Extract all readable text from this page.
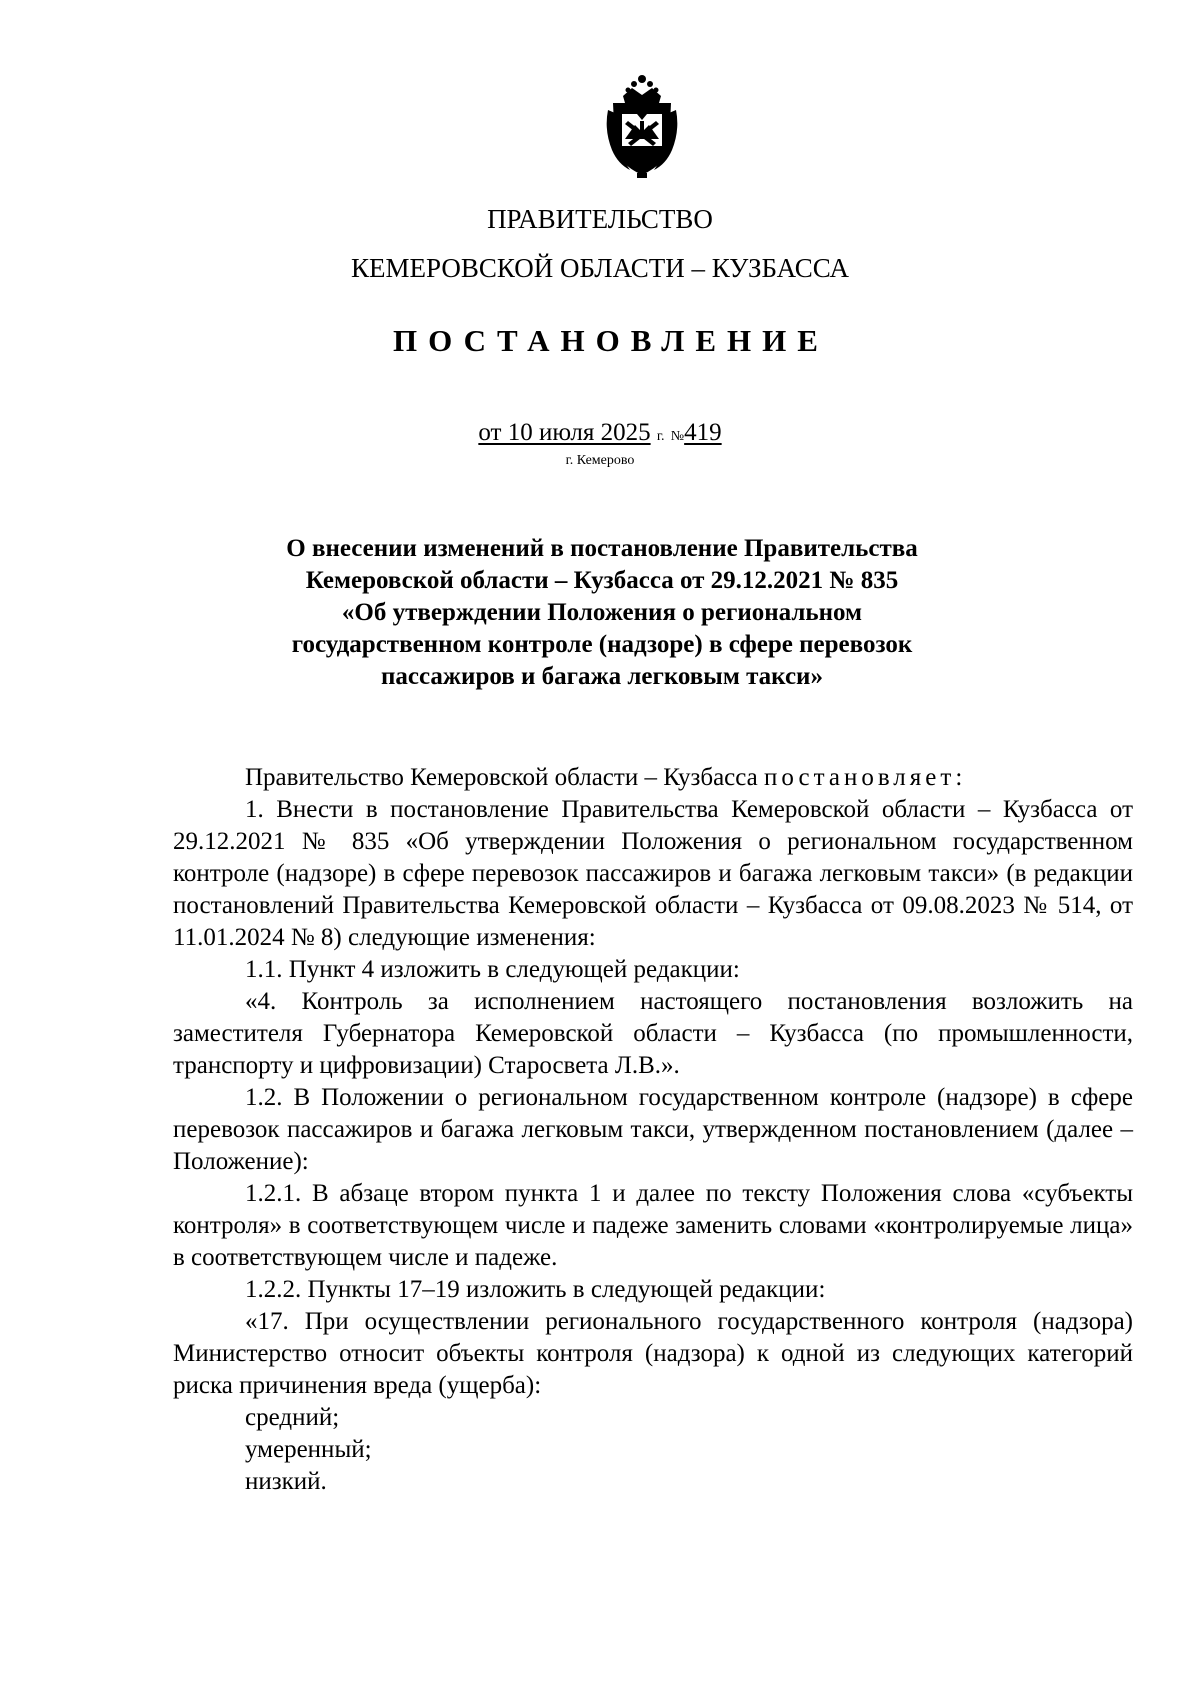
ПРАВИТЕЛЬСТВО
КЕМЕРОВСКОЙ ОБЛАСТИ – КУЗБАССА
ПОСТАНОВЛЕНИЕ
от 10 июля 2025 г. №419
г. Кемерово
О внесении изменений в постановление Правительства
Кемеровской области – Кузбасса от 29.12.2021 № 835
«Об утверждении Положения о региональном
государственном контроле (надзоре) в сфере перевозок
пассажиров и багажа легковым такси»

Правительство Кемеровской области – Кузбасса постановляет:

1. Внести в постановление Правительства Кемеровской области – Кузбасса от 29.12.2021 № 835 «Об утверждении Положения о региональном государственном контроле (надзоре) в сфере перевозок пассажиров и багажа легковым такси» (в редакции постановлений Правительства Кемеровской области – Кузбасса от 09.08.2023 № 514, от 11.01.2024 № 8) следующие изменения:

1.1. Пункт 4 изложить в следующей редакции:

«4. Контроль за исполнением настоящего постановления возложить на заместителя Губернатора Кемеровской области – Кузбасса (по промышленности, транспорту и цифровизации) Старосвета Л.В.».

1.2. В Положении о региональном государственном контроле (надзоре) в сфере перевозок пассажиров и багажа легковым такси, утвержденном постановлением (далее – Положение):

1.2.1. В абзаце втором пункта 1 и далее по тексту Положения слова «субъекты контроля» в соответствующем числе и падеже заменить словами «контролируемые лица» в соответствующем числе и падеже.

1.2.2. Пункты 17–19 изложить в следующей редакции:

«17. При осуществлении регионального государственного контроля (надзора) Министерство относит объекты контроля (надзора) к одной из следующих категорий риска причинения вреда (ущерба):

средний;

умеренный;

низкий.
